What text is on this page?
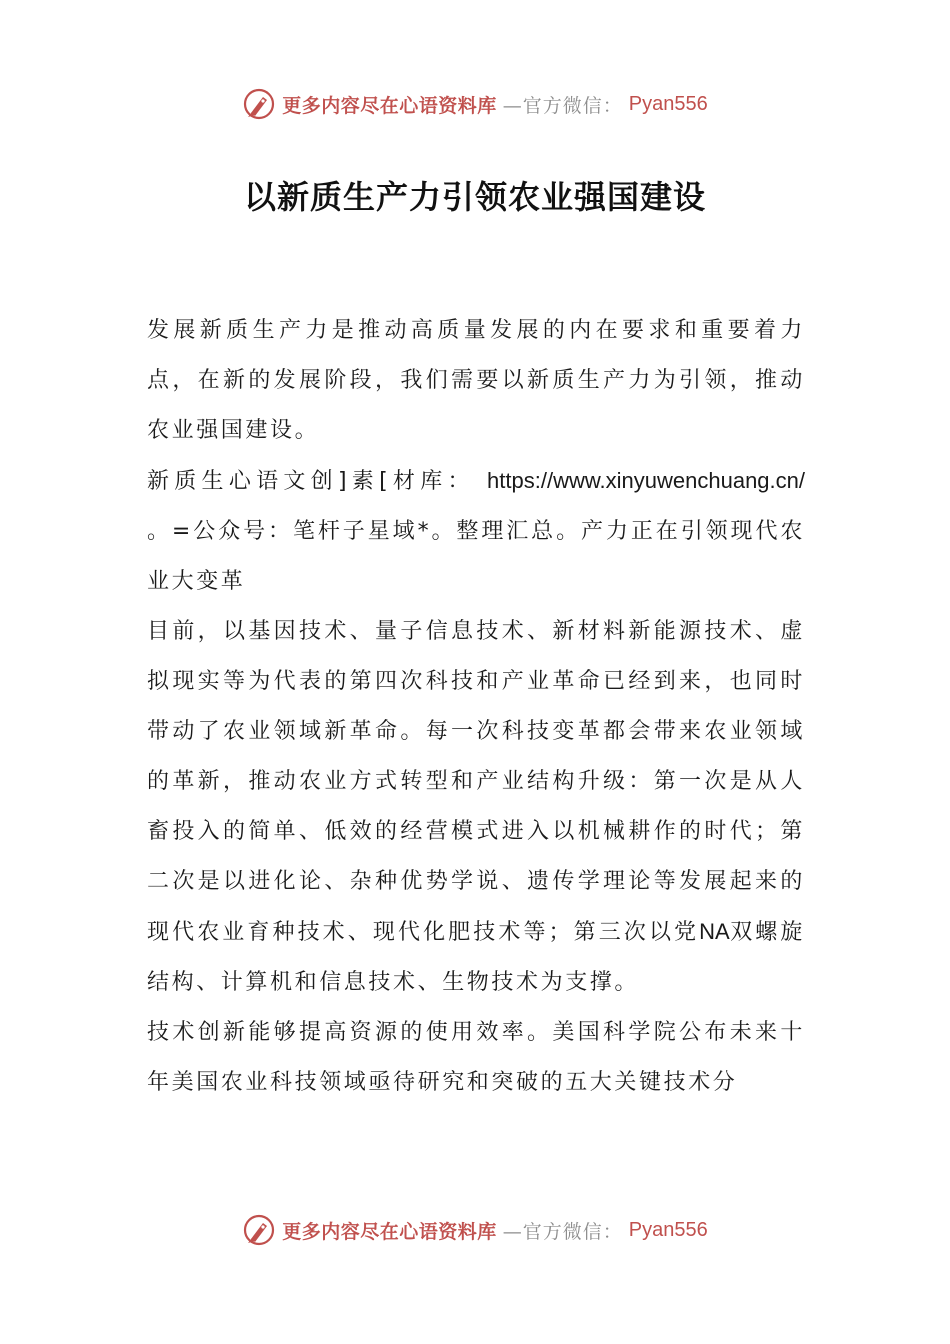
更多内容尽在心语资料库 —官方微信： Pyan556
以新质生产力引领农业强国建设

发展新质生产力是推动高质量发展的内在要求和重要着力点，在新的发展阶段，我们需要以新质生产力为引领，推动农业强国建设。

新质生心语文创]素[材库： https://www.xinyuwenchuang.cn/

。=公众号：笔杆子星域*。整理汇总。产力正在引领现代农业大变革

目前，以基因技术、量子信息技术、新材料新能源技术、虚拟现实等为代表的第四次科技和产业革命已经到来，也同时带动了农业领域新革命。每一次科技变革都会带来农业领域的革新，推动农业方式转型和产业结构升级：第一次是从人畜投入的简单、低效的经营模式进入以机械耕作的时代；第二次是以进化论、杂种优势学说、遗传学理论等发展起来的现代农业育种技术、现代化肥技术等；第三次以党NA双螺旋结构、计算机和信息技术、生物技术为支撑。

技术创新能够提高资源的使用效率。美国科学院公布未来十年美国农业科技领域亟待研究和突破的五大关键技术分

更多内容尽在心语资料库 —官方微信： Pyan556
